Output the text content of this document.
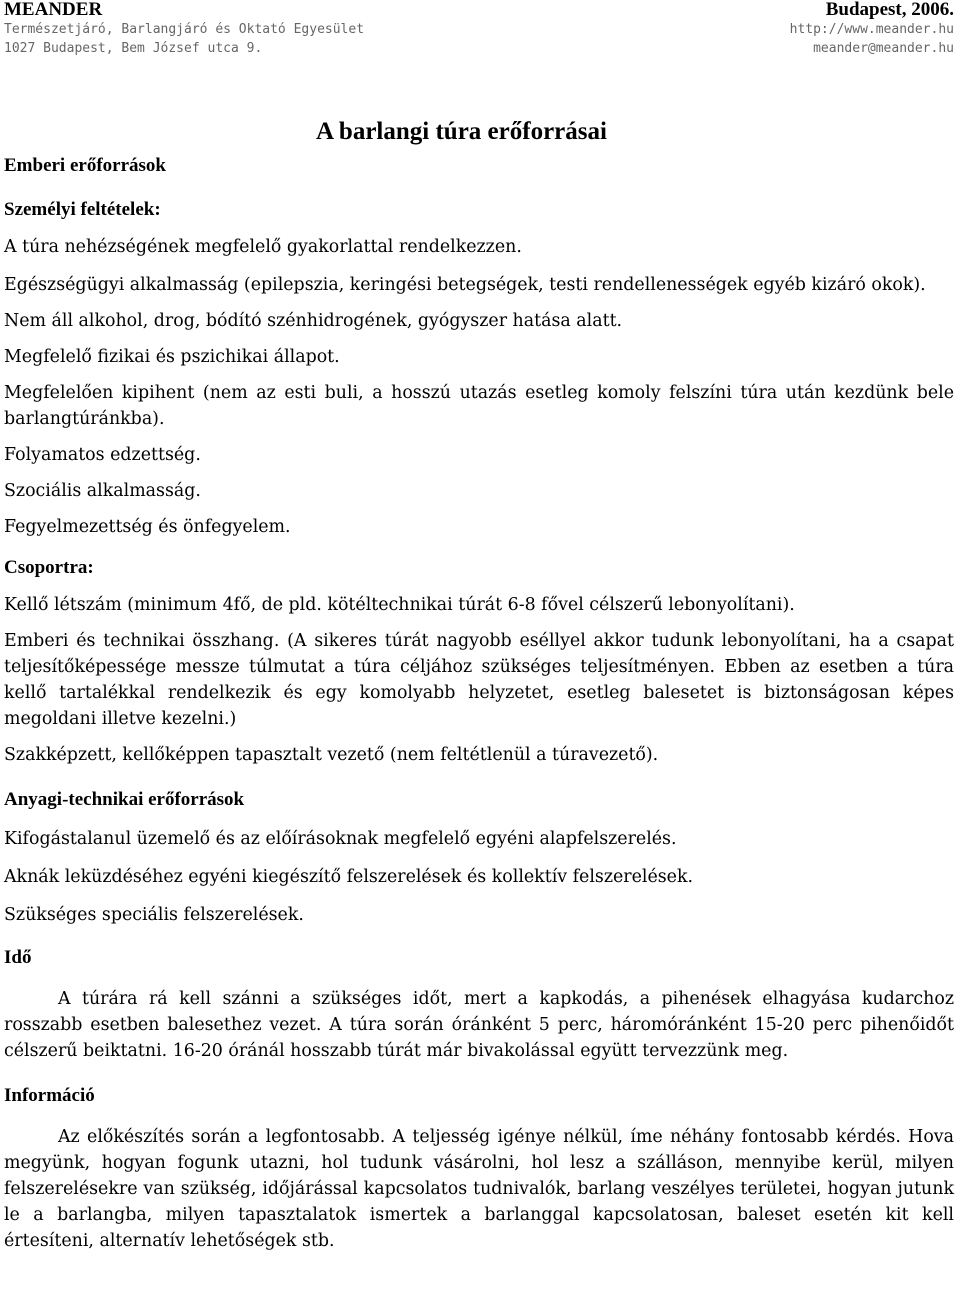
MEANDER
Természetjáró, Barlangjáró és Oktató Egyesület
1027 Budapest, Bem József utca 9.
Budapest, 2006.
http://www.meander.hu
meander@meander.hu
A barlangi túra erőforrásai
Emberi erőforrások
Személyi feltételek:

A túra nehézségének megfelelő gyakorlattal rendelkezzen.

Egészségügyi alkalmasság (epilepszia, keringési betegségek, testi rendellenességek egyéb kizáró okok).

Nem áll alkohol, drog, bódító szénhidrogének, gyógyszer hatása alatt.

Megfelelő fizikai és pszichikai állapot.

Megfelelően kipihent (nem az esti buli, a hosszú utazás esetleg komoly felszíni túra után kezdünk bele barlangtúránkba).

Folyamatos edzettség.

Szociális alkalmasság.

Fegyelmezettség és önfegyelem.

Csoportra:

Kellő létszám (minimum 4fő, de pld. kötéltechnikai túrát 6-8 fővel célszerű lebonyolítani).

Emberi és technikai összhang. (A sikeres túrát nagyobb eséllyel akkor tudunk lebonyolítani, ha a csapat teljesítőképessége messze túlmutat a túra céljához szükséges teljesítményen. Ebben az esetben a túra kellő tartalékkal rendelkezik és egy komolyabb helyzetet, esetleg balesetet is biztonságosan képes megoldani illetve kezelni.)

Szakképzett, kellőképpen tapasztalt vezető (nem feltétlenül a túravezető).

Anyagi-technikai erőforrások

Kifogástalanul üzemelő és az előírásoknak megfelelő egyéni alapfelszerelés.

Aknák leküzdéséhez egyéni kiegészítő felszerelések és kollektív felszerelések.

Szükséges speciális felszerelések.

Idő

A túrára rá kell szánni a szükséges időt, mert a kapkodás, a pihenések elhagyása kudarchoz rosszabb esetben balesethez vezet. A túra során óránként 5 perc, háromóránként 15-20 perc pihenőidőt célszerű beiktatni. 16-20 óránál hosszabb túrát már bivakolással együtt tervezzünk meg.

Információ

Az előkészítés során a legfontosabb. A teljesség igénye nélkül, íme néhány fontosabb kérdés. Hova megyünk, hogyan fogunk utazni, hol tudunk vásárolni, hol lesz a szálláson, mennyibe kerül, milyen felszerelésekre van szükség, időjárással kapcsolatos tudnivalók, barlang veszélyes területei, hogyan jutunk le a barlangba, milyen tapasztalatok ismertek a barlanggal kapcsolatosan, baleset esetén kit kell értesíteni, alternatív lehetőségek stb.
